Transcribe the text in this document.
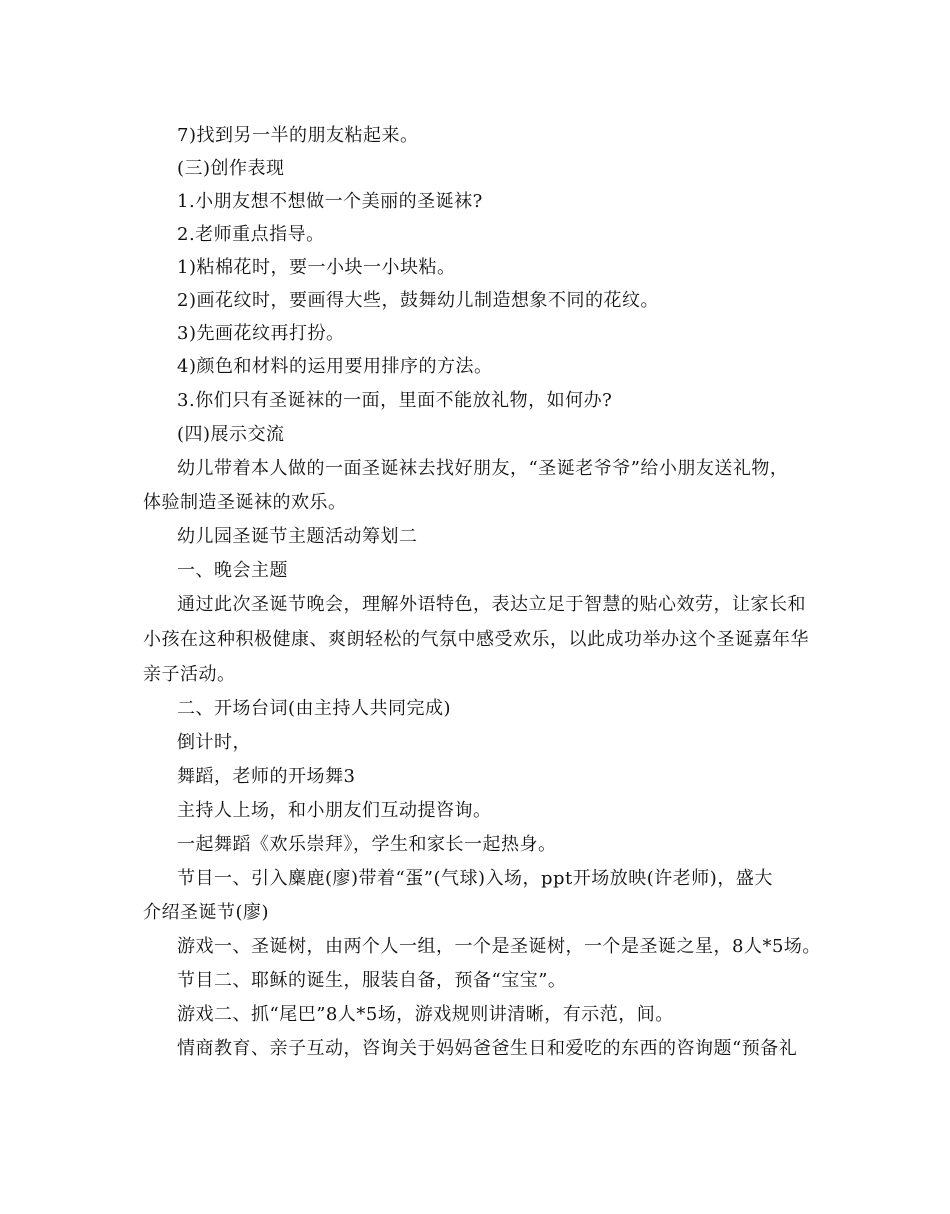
7)找到另一半的朋友粘起来。
(三)创作表现
1.小朋友想不想做一个美丽的圣诞袜?
2.老师重点指导。
1)粘棉花时，要一小块一小块粘。
2)画花纹时，要画得大些，鼓舞幼儿制造想象不同的花纹。
3)先画花纹再打扮。
4)颜色和材料的运用要用排序的方法。
3.你们只有圣诞袜的一面，里面不能放礼物，如何办?
(四)展示交流
幼儿带着本人做的一面圣诞袜去找好朋友，“圣诞老爷爷”给小朋友送礼物，
体验制造圣诞袜的欢乐。
幼儿园圣诞节主题活动筹划二
一、晚会主题
通过此次圣诞节晚会，理解外语特色，表达立足于智慧的贴心效劳，让家长和
小孩在这种积极健康、爽朗轻松的气氛中感受欢乐，以此成功举办这个圣诞嘉年华
亲子活动。
二、开场台词(由主持人共同完成)
倒计时，
舞蹈，老师的开场舞3
主持人上场，和小朋友们互动提咨询。
一起舞蹈《欢乐崇拜》，学生和家长一起热身。
节目一、引入麋鹿(廖)带着“蛋”(气球)入场，ppt开场放映(许老师)，盛大
介绍圣诞节(廖)
游戏一、圣诞树，由两个人一组，一个是圣诞树，一个是圣诞之星，8人*5场。
节目二、耶稣的诞生，服装自备，预备“宝宝”。
游戏二、抓“尾巴”8人*5场，游戏规则讲清晰，有示范，间。
情商教育、亲子互动，咨询关于妈妈爸爸生日和爱吃的东西的咨询题“预备礼
